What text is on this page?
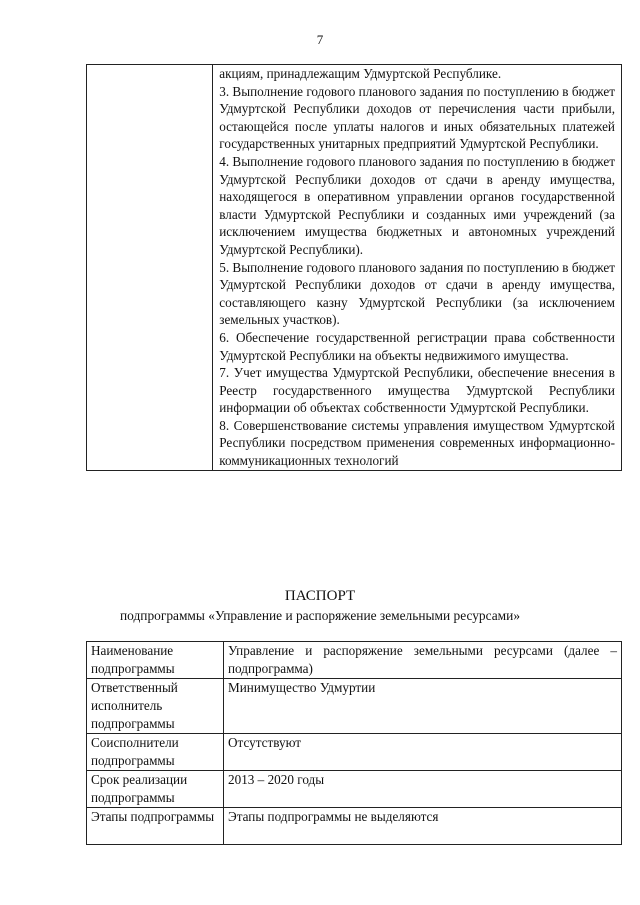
7

акциям, принадлежащим Удмуртской Республике.

3. Выполнение годового планового задания по поступлению в бюджет Удмуртской Республики доходов от перечисления части прибыли, остающейся после уплаты налогов и иных обязательных платежей государственных унитарных предприятий Удмуртской Республики.

4. Выполнение годового планового задания по поступлению в бюджет Удмуртской Республики доходов от сдачи в аренду имущества, находящегося в оперативном управлении органов государственной власти Удмуртской Республики и созданных ими учреждений (за исключением имущества бюджетных и автономных учреждений Удмуртской Республики).

5. Выполнение годового планового задания по поступлению в бюджет Удмуртской Республики доходов от сдачи в аренду имущества, составляющего казну Удмуртской Республики (за исключением земельных участков).

6. Обеспечение государственной регистрации права собственности Удмуртской Республики на объекты недвижимого имущества.

7. Учет имущества Удмуртской Республики, обеспечение внесения в Реестр государственного имущества Удмуртской Республики информации об объектах собственности Удмуртской Республики.

8. Совершенствование системы управления имуществом Удмуртской Республики посредством применения современных информационно-коммуникационных технологий

ПАСПОРТ
подпрограммы «Управление и распоряжение земельными ресурсами»
Наименование подпрограммы	Управление и распоряжение земельными ресурсами (далее – подпрограмма)
Ответственный исполнитель подпрограммы	Минимущество Удмуртии
Соисполнители подпрограммы	Отсутствуют
Срок реализации подпрограммы	2013 – 2020 годы
Этапы подпрограммы	Этапы подпрограммы не выделяются
